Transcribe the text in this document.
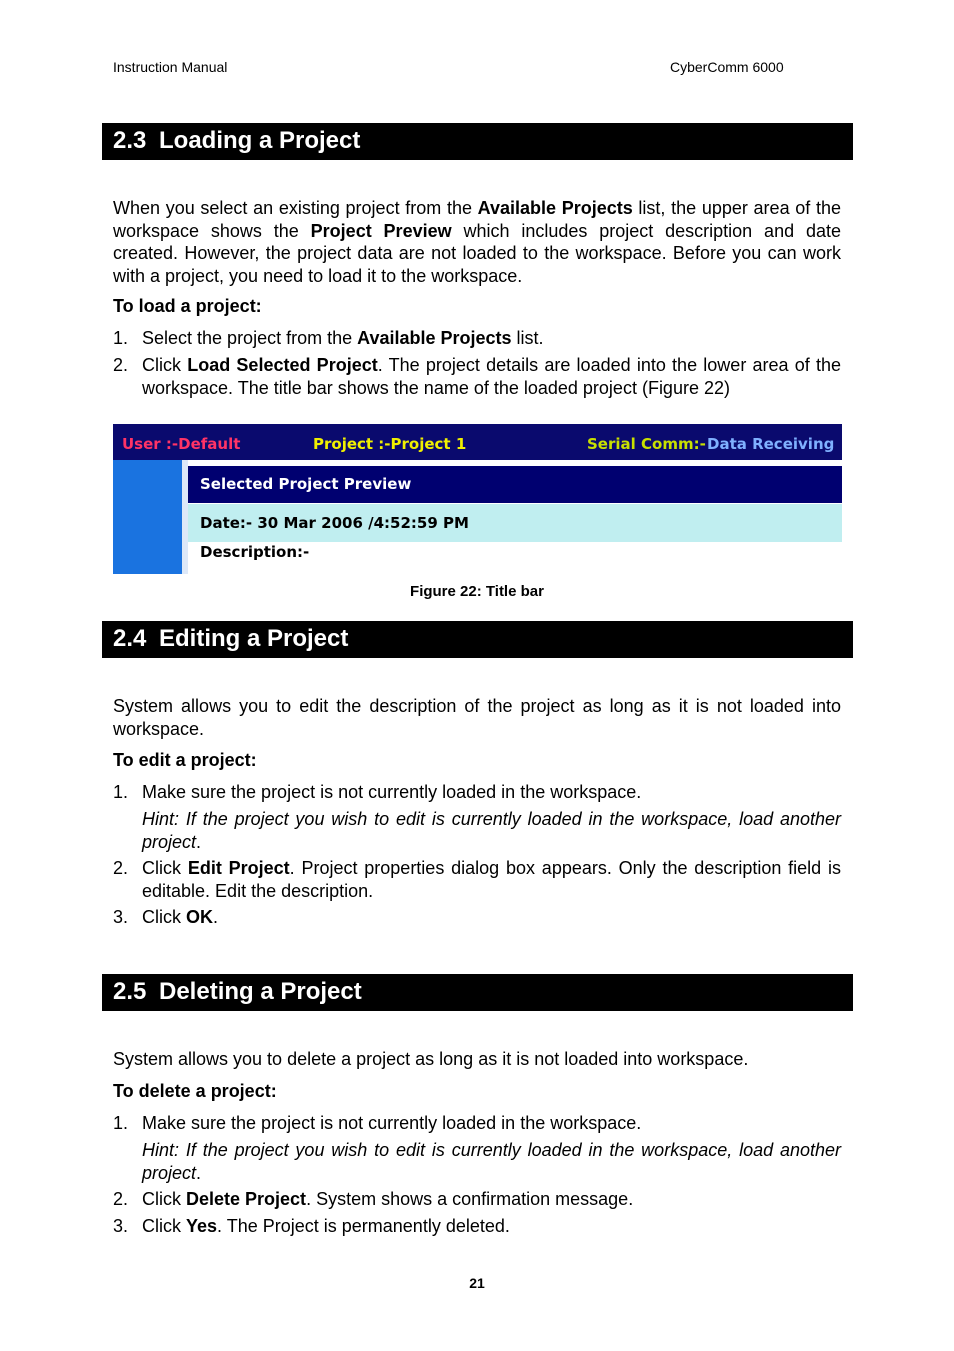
Instruction Manual	CyberComm 6000
2.3 Loading a Project
When you select an existing project from the Available Projects list, the upper area of the workspace shows the Project Preview which includes project description and date created. However, the project data are not loaded to the workspace. Before you can work with a project, you need to load it to the workspace.
To load a project:
1. Select the project from the Available Projects list.
2. Click Load Selected Project. The project details are loaded into the lower area of the workspace. The title bar shows the name of the loaded project (Figure 22)
User :-Default	Project :-Project 1	Serial Comm:- Data Receiving
Selected Project Preview
Date:- 30 Mar 2006 /4:52:59 PM
Description:-
Figure 22: Title bar
2.4 Editing a Project
System allows you to edit the description of the project as long as it is not loaded into workspace.
To edit a project:
1. Make sure the project is not currently loaded in the workspace.
Hint: If the project you wish to edit is currently loaded in the workspace, load another project.
2. Click Edit Project. Project properties dialog box appears. Only the description field is editable. Edit the description.
3. Click OK.
2.5 Deleting a Project
System allows you to delete a project as long as it is not loaded into workspace.
To delete a project:
1. Make sure the project is not currently loaded in the workspace.
Hint: If the project you wish to edit is currently loaded in the workspace, load another project.
2. Click Delete Project. System shows a confirmation message.
3. Click Yes. The Project is permanently deleted.
21
